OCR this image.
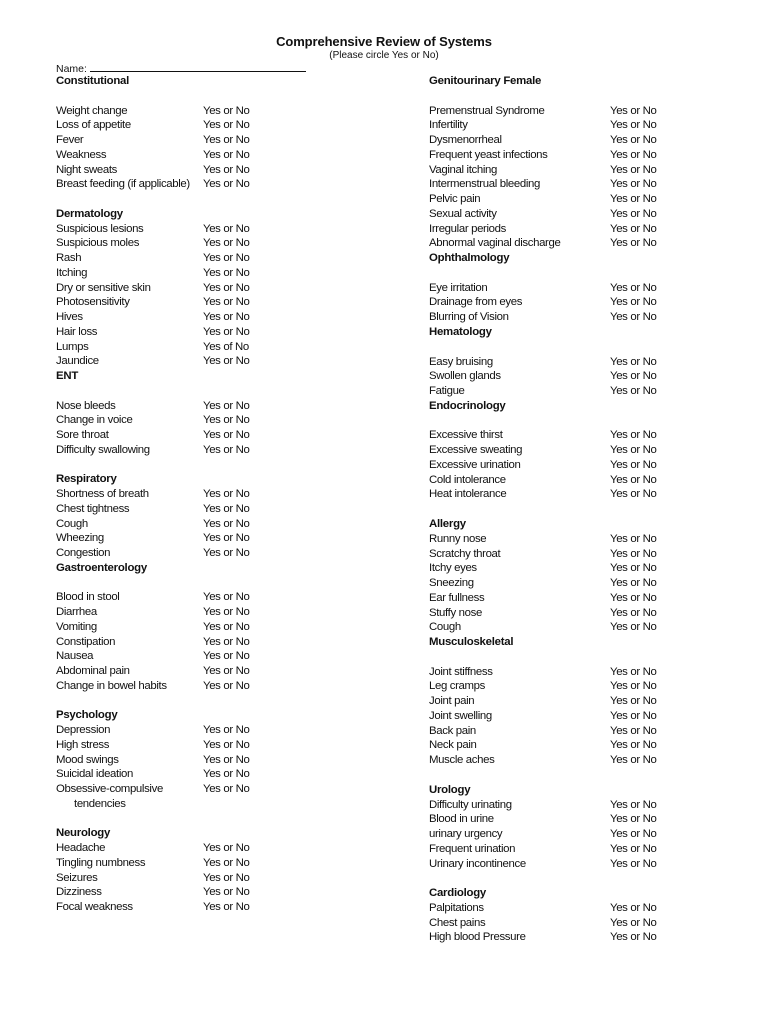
Comprehensive Review of Systems
(Please circle Yes or No)
Name:
Constitutional
Weight change	Yes or No
Loss of appetite	Yes or No
Fever	Yes or No
Weakness	Yes or No
Night sweats	Yes or No
Breast feeding (if applicable) Yes or No
Dermatology
Suspicious lesions	Yes or No
Suspicious moles	Yes or No
Rash	Yes or No
Itching	Yes or No
Dry or sensitive skin	Yes or No
Photosensitivity	Yes or No
Hives	Yes or No
Hair loss	Yes or No
Lumps	Yes of No
Jaundice	Yes or No
ENT
Nose bleeds	Yes or No
Change in voice	Yes or No
Sore throat	Yes or No
Difficulty swallowing	Yes or No
Respiratory
Shortness of breath	Yes or No
Chest tightness	Yes or No
Cough	Yes or No
Wheezing	Yes or No
Congestion	Yes or No
Gastroenterology
Blood in stool	Yes or No
Diarrhea	Yes or No
Vomiting	Yes or No
Constipation	Yes or No
Nausea	Yes or No
Abdominal pain	Yes or No
Change in bowel habits	Yes or No
Psychology
Depression	Yes or No
High stress	Yes or No
Mood swings	Yes or No
Suicidal ideation	Yes or No
Obsessive-compulsive	Yes or No
tendencies
Neurology
Headache	Yes or No
Tingling numbness	Yes or No
Seizures	Yes or No
Dizziness	Yes or No
Focal weakness	Yes or No
Genitourinary Female
Premenstrual Syndrome	Yes or No
Infertility	Yes or No
Dysmenorrheal	Yes or No
Frequent yeast infections	Yes or No
Vaginal itching	Yes or No
Intermenstrual bleeding	Yes or No
Pelvic pain	Yes or No
Sexual activity	Yes or No
Irregular periods	Yes or No
Abnormal vaginal discharge	Yes or No
Ophthalmology
Eye irritation	Yes or No
Drainage from eyes	Yes or No
Blurring of Vision	Yes or No
Hematology
Easy bruising	Yes or No
Swollen glands	Yes or No
Fatigue	Yes or No
Endocrinology
Excessive thirst	Yes or No
Excessive sweating	Yes or No
Excessive urination	Yes or No
Cold intolerance	Yes or No
Heat intolerance	Yes or No
Allergy
Runny nose	Yes or No
Scratchy throat	Yes or No
Itchy eyes	Yes or No
Sneezing	Yes or No
Ear fullness	Yes or No
Stuffy nose	Yes or No
Cough	Yes or No
Musculoskeletal
Joint stiffness	Yes or No
Leg cramps	Yes or No
Joint pain	Yes or No
Joint swelling	Yes or No
Back pain	Yes or No
Neck pain	Yes or No
Muscle aches	Yes or No
Urology
Difficulty urinating	Yes or No
Blood in urine	Yes or No
urinary urgency	Yes or No
Frequent urination	Yes or No
Urinary incontinence	Yes or No
Cardiology
Palpitations	Yes or No
Chest pains	Yes or No
High blood Pressure	Yes or No
